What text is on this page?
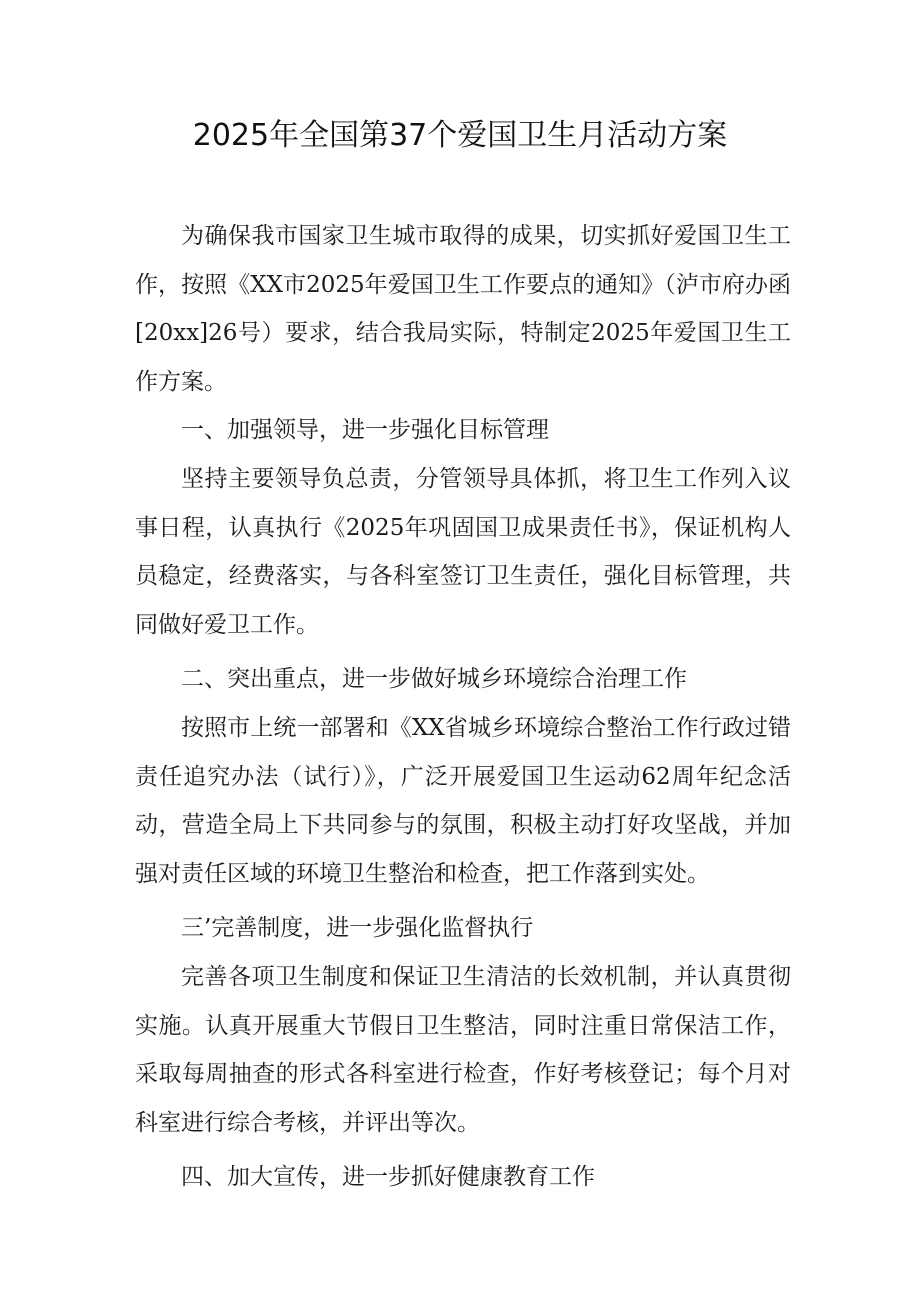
2025年全国第37个爱国卫生月活动方案

为确保我市国家卫生城市取得的成果，切实抓好爱国卫生工作，按照《XX市2025年爱国卫生工作要点的通知》（泸市府办函[20xx]26号）要求，结合我局实际，特制定2025年爱国卫生工作方案。

一、加强领导，进一步强化目标管理

坚持主要领导负总责，分管领导具体抓，将卫生工作列入议事日程，认真执行《2025年巩固国卫成果责任书》，保证机构人员稳定，经费落实，与各科室签订卫生责任，强化目标管理，共同做好爱卫工作。

二、突出重点，进一步做好城乡环境综合治理工作

按照市上统一部署和《XX省城乡环境综合整治工作行政过错责任追究办法（试行）》，广泛开展爱国卫生运动62周年纪念活动，营造全局上下共同参与的氛围，积极主动打好攻坚战，并加强对责任区域的环境卫生整治和检查，把工作落到实处。

三’完善制度，进一步强化监督执行

完善各项卫生制度和保证卫生清洁的长效机制，并认真贯彻实施。认真开展重大节假日卫生整洁，同时注重日常保洁工作，采取每周抽查的形式各科室进行检查，作好考核登记；每个月对科室进行综合考核，并评出等次。

四、加大宣传，进一步抓好健康教育工作
